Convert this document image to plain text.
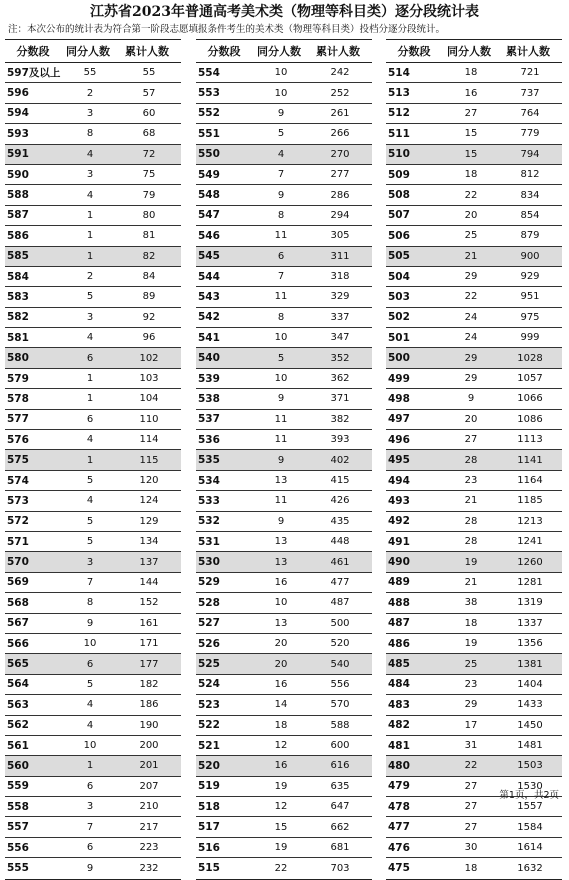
江苏省2023年普通高考美术类（物理等科目类）逐分段统计表
注：本次公布的统计表为符合第一阶段志愿填报条件考生的美术类（物理等科目类）投档分逐分段统计。
分数段	同分人数	累计人数
597及以上	55	55
596	2	57
594	3	60
593	8	68
591	4	72
590	3	75
588	4	79
587	1	80
586	1	81
585	1	82
584	2	84
583	5	89
582	3	92
581	4	96
580	6	102
579	1	103
578	1	104
577	6	110
576	4	114
575	1	115
574	5	120
573	4	124
572	5	129
571	5	134
570	3	137
569	7	144
568	8	152
567	9	161
566	10	171
565	6	177
564	5	182
563	4	186
562	4	190
561	10	200
560	1	201
559	6	207
558	3	210
557	7	217
556	6	223
555	9	232
分数段	同分人数	累计人数
554	10	242
553	10	252
552	9	261
551	5	266
550	4	270
549	7	277
548	9	286
547	8	294
546	11	305
545	6	311
544	7	318
543	11	329
542	8	337
541	10	347
540	5	352
539	10	362
538	9	371
537	11	382
536	11	393
535	9	402
534	13	415
533	11	426
532	9	435
531	13	448
530	13	461
529	16	477
528	10	487
527	13	500
526	20	520
525	20	540
524	16	556
523	14	570
522	18	588
521	12	600
520	16	616
519	19	635
518	12	647
517	15	662
516	19	681
515	22	703
分数段	同分人数	累计人数
514	18	721
513	16	737
512	27	764
511	15	779
510	15	794
509	18	812
508	22	834
507	20	854
506	25	879
505	21	900
504	29	929
503	22	951
502	24	975
501	24	999
500	29	1028
499	29	1057
498	9	1066
497	20	1086
496	27	1113
495	28	1141
494	23	1164
493	21	1185
492	28	1213
491	28	1241
490	19	1260
489	21	1281
488	38	1319
487	18	1337
486	19	1356
485	25	1381
484	23	1404
483	29	1433
482	17	1450
481	31	1481
480	22	1503
479	27	1530
478	27	1557
477	27	1584
476	30	1614
475	18	1632
第1页，共2页
